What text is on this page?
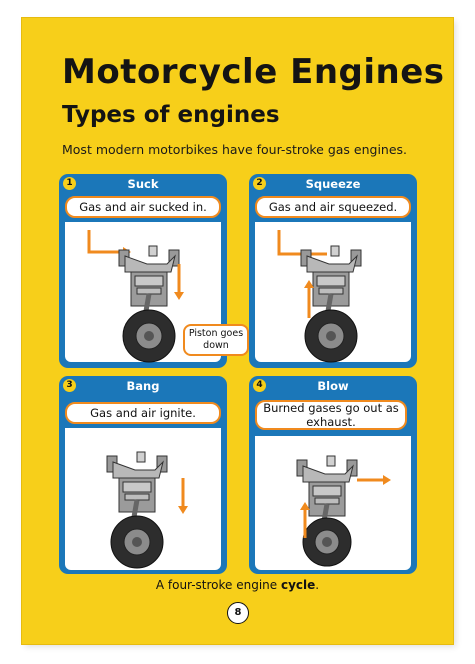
Motorcycle Engines
Types of engines

Most modern motorbikes have four-stroke gas engines.

1	Suck
Gas and air sucked in.
Piston goes down
2	Squeeze
Gas and air squeezed.
3	Bang
Gas and air ignite.
4	Blow
Burned gases go out as exhaust.

A four-stroke engine cycle.

8
